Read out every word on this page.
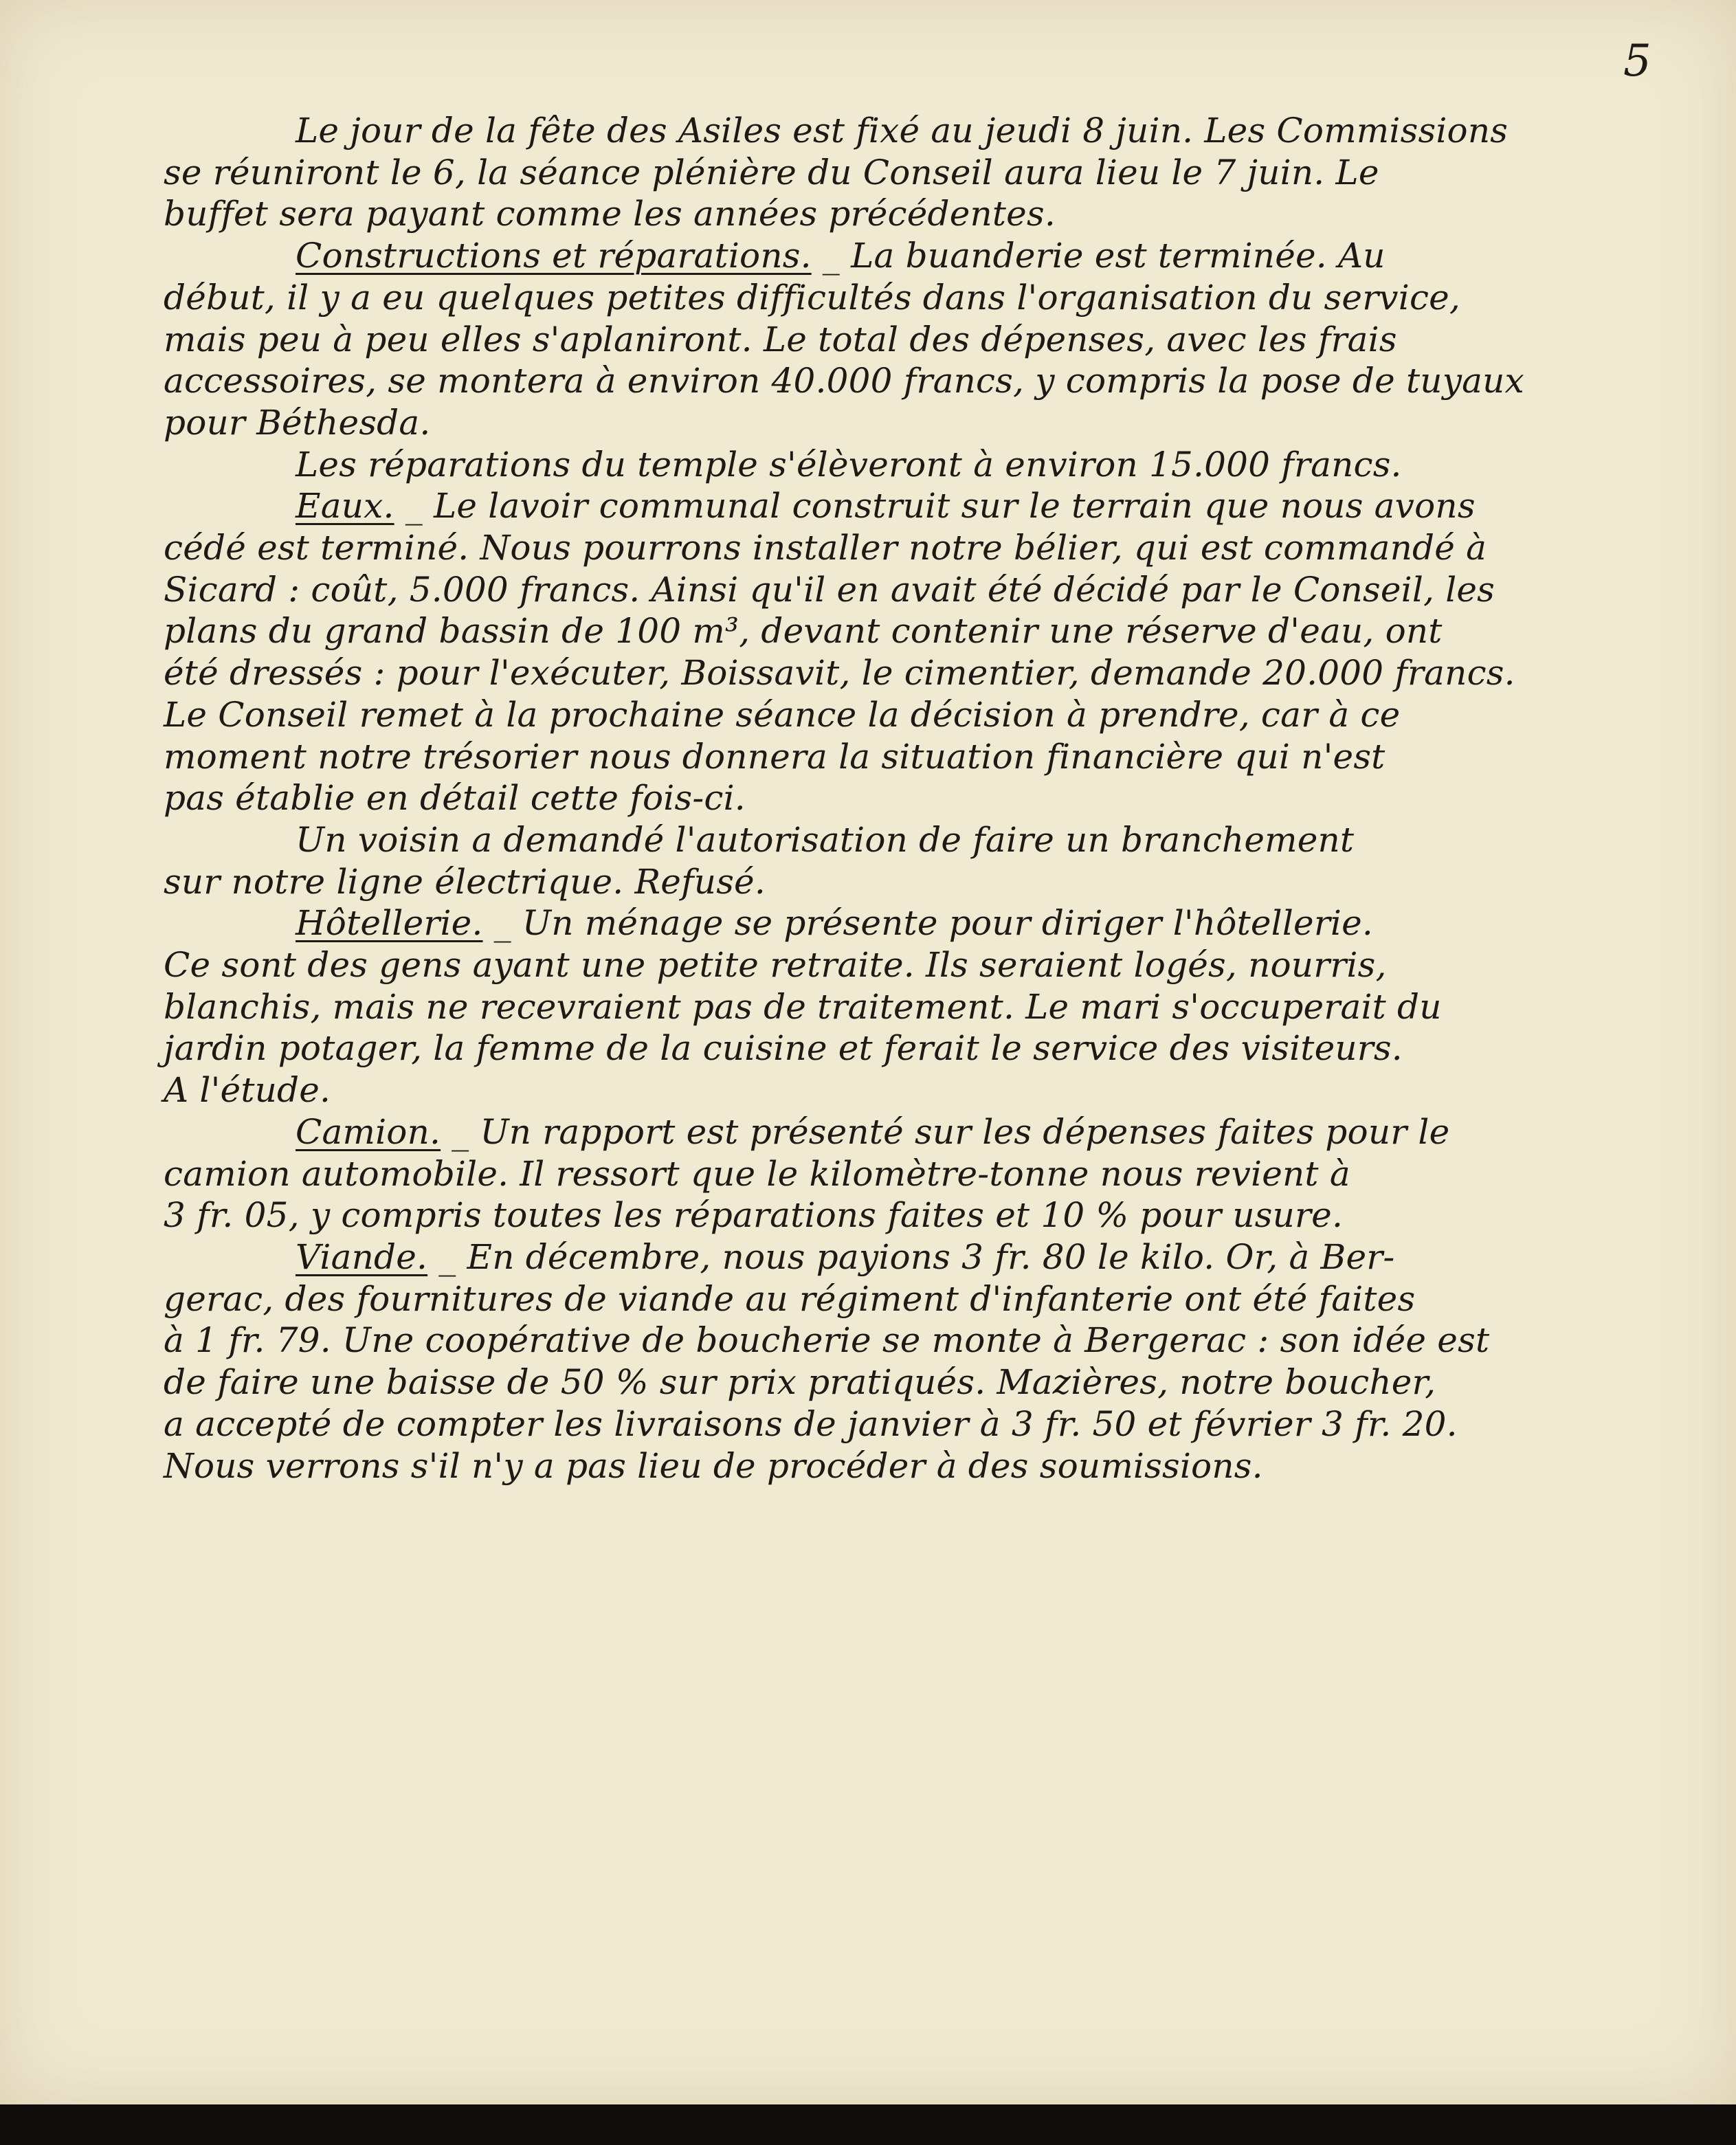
5
Le jour de la fête des Asiles est fixé au jeudi 8 juin. Les Commissions
se réuniront le 6, la séance plénière du Conseil aura lieu le 7 juin. Le
buffet sera payant comme les années précédentes.
Constructions et réparations. _ La buanderie est terminée. Au
début, il y a eu quelques petites difficultés dans l'organisation du service,
mais peu à peu elles s'aplaniront. Le total des dépenses, avec les frais
accessoires, se montera à environ 40.000 francs, y compris la pose de tuyaux
pour Béthesda.
Les réparations du temple s'élèveront à environ 15.000 francs.
Eaux. _ Le lavoir communal construit sur le terrain que nous avons
cédé est terminé. Nous pourrons installer notre bélier, qui est commandé à
Sicard : coût, 5.000 francs. Ainsi qu'il en avait été décidé par le Conseil, les
plans du grand bassin de 100 m³, devant contenir une réserve d'eau, ont
été dressés : pour l'exécuter, Boissavit, le cimentier, demande 20.000 francs.
Le Conseil remet à la prochaine séance la décision à prendre, car à ce
moment notre trésorier nous donnera la situation financière qui n'est
pas établie en détail cette fois-ci.
Un voisin a demandé l'autorisation de faire un branchement
sur notre ligne électrique. Refusé.
Hôtellerie. _ Un ménage se présente pour diriger l'hôtellerie.
Ce sont des gens ayant une petite retraite. Ils seraient logés, nourris,
blanchis, mais ne recevraient pas de traitement. Le mari s'occuperait du
jardin potager, la femme de la cuisine et ferait le service des visiteurs.
A l'étude.
Camion. _ Un rapport est présenté sur les dépenses faites pour le
camion automobile. Il ressort que le kilomètre-tonne nous revient à
3 fr. 05, y compris toutes les réparations faites et 10 % pour usure.
Viande. _ En décembre, nous payions 3 fr. 80 le kilo. Or, à Ber-
gerac, des fournitures de viande au régiment d'infanterie ont été faites
à 1 fr. 79. Une coopérative de boucherie se monte à Bergerac : son idée est
de faire une baisse de 50 % sur prix pratiqués. Mazières, notre boucher,
a accepté de compter les livraisons de janvier à 3 fr. 50 et février 3 fr. 20.
Nous verrons s'il n'y a pas lieu de procéder à des soumissions.
